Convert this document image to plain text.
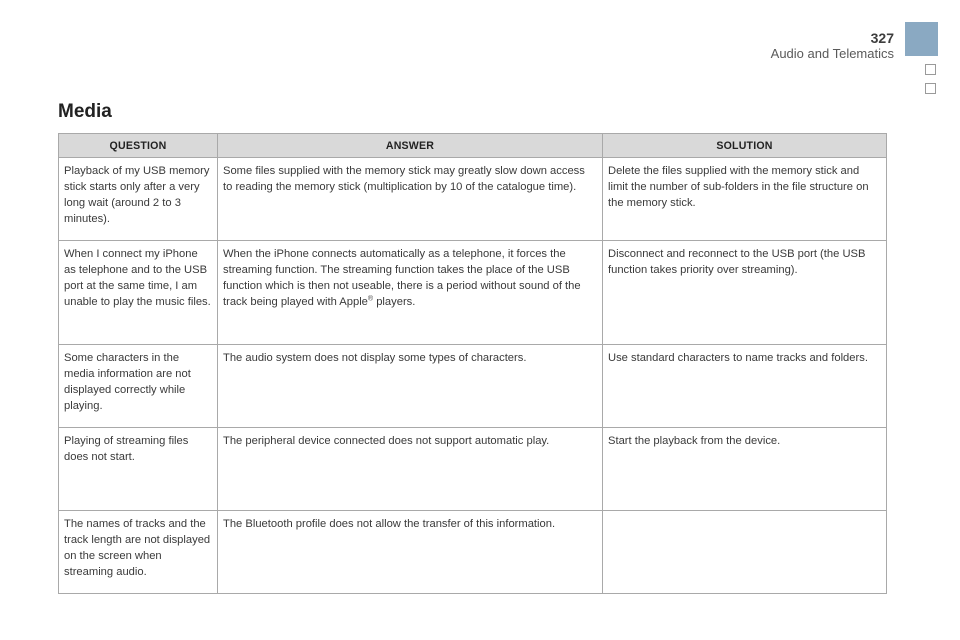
327
Audio and Telematics
Media
QUESTION	ANSWER	SOLUTION
Playback of my USB memory stick starts only after a very long wait (around 2 to 3 minutes).	Some files supplied with the memory stick may greatly slow down access to reading the memory stick (multiplication by 10 of the catalogue time).	Delete the files supplied with the memory stick and limit the number of sub-folders in the file structure on the memory stick.
When I connect my iPhone as telephone and to the USB port at the same time, I am unable to play the music files.	When the iPhone connects automatically as a telephone, it forces the streaming function. The streaming function takes the place of the USB function which is then not useable, there is a period without sound of the track being played with Apple® players.	Disconnect and reconnect to the USB port (the USB function takes priority over streaming).
Some characters in the media information are not displayed correctly while playing.	The audio system does not display some types of characters.	Use standard characters to name tracks and folders.
Playing of streaming files does not start.	The peripheral device connected does not support automatic play.	Start the playback from the device.
The names of tracks and the track length are not displayed on the screen when streaming audio.	The Bluetooth profile does not allow the transfer of this information.	
